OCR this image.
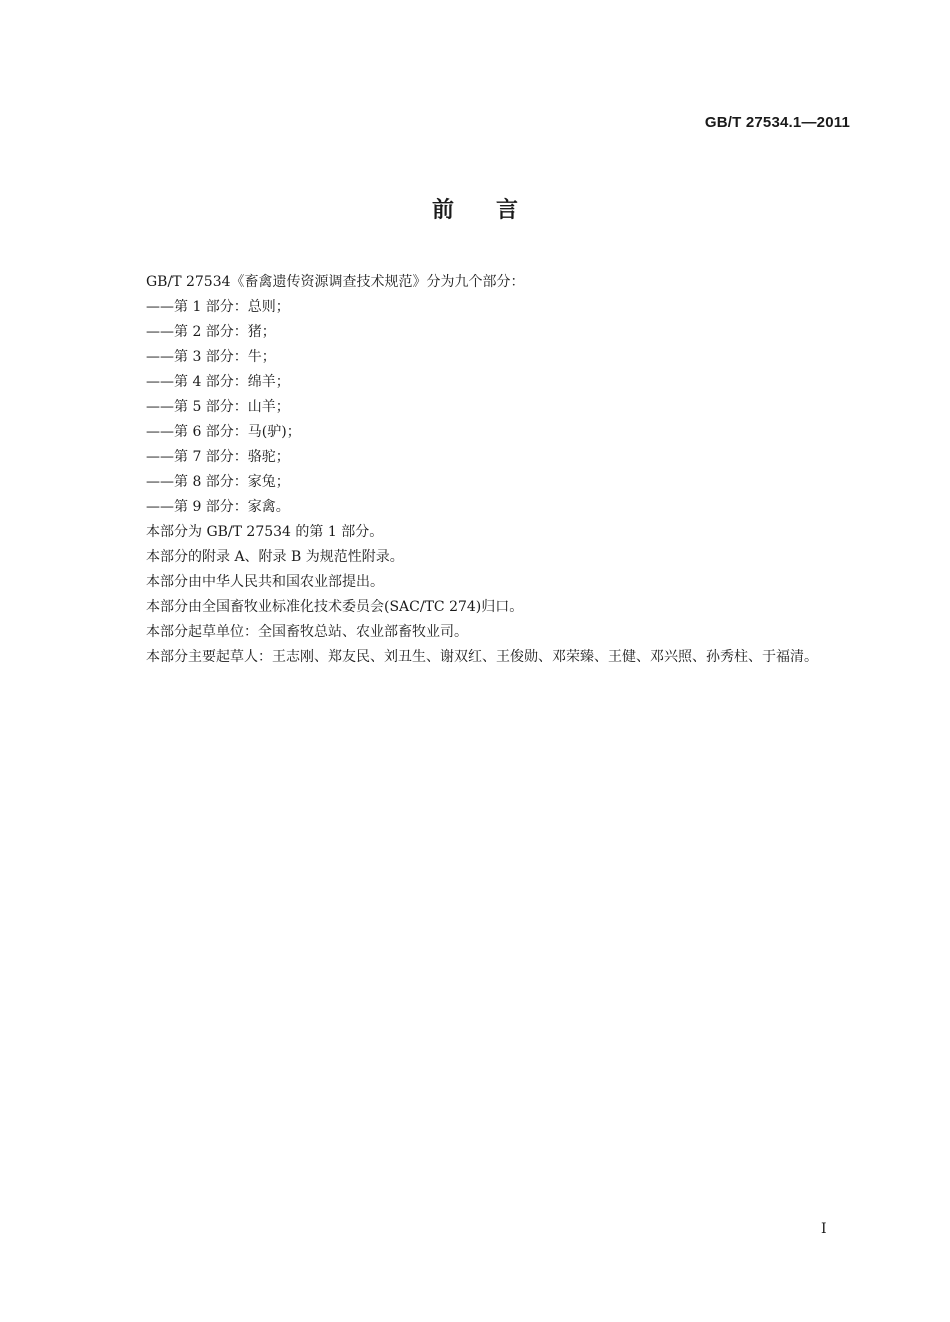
GB/T 27534.1—2011
前言
GB/T 27534《畜禽遗传资源调查技术规范》分为九个部分：
——第 1 部分：总则；
——第 2 部分：猪；
——第 3 部分：牛；
——第 4 部分：绵羊；
——第 5 部分：山羊；
——第 6 部分：马(驴)；
——第 7 部分：骆驼；
——第 8 部分：家兔；
——第 9 部分：家禽。
本部分为 GB/T 27534 的第 1 部分。
本部分的附录 A、附录 B 为规范性附录。
本部分由中华人民共和国农业部提出。
本部分由全国畜牧业标准化技术委员会(SAC/TC 274)归口。
本部分起草单位：全国畜牧总站、农业部畜牧业司。
本部分主要起草人：王志刚、郑友民、刘丑生、谢双红、王俊勋、邓荣臻、王健、邓兴照、孙秀柱、于福清。
I
